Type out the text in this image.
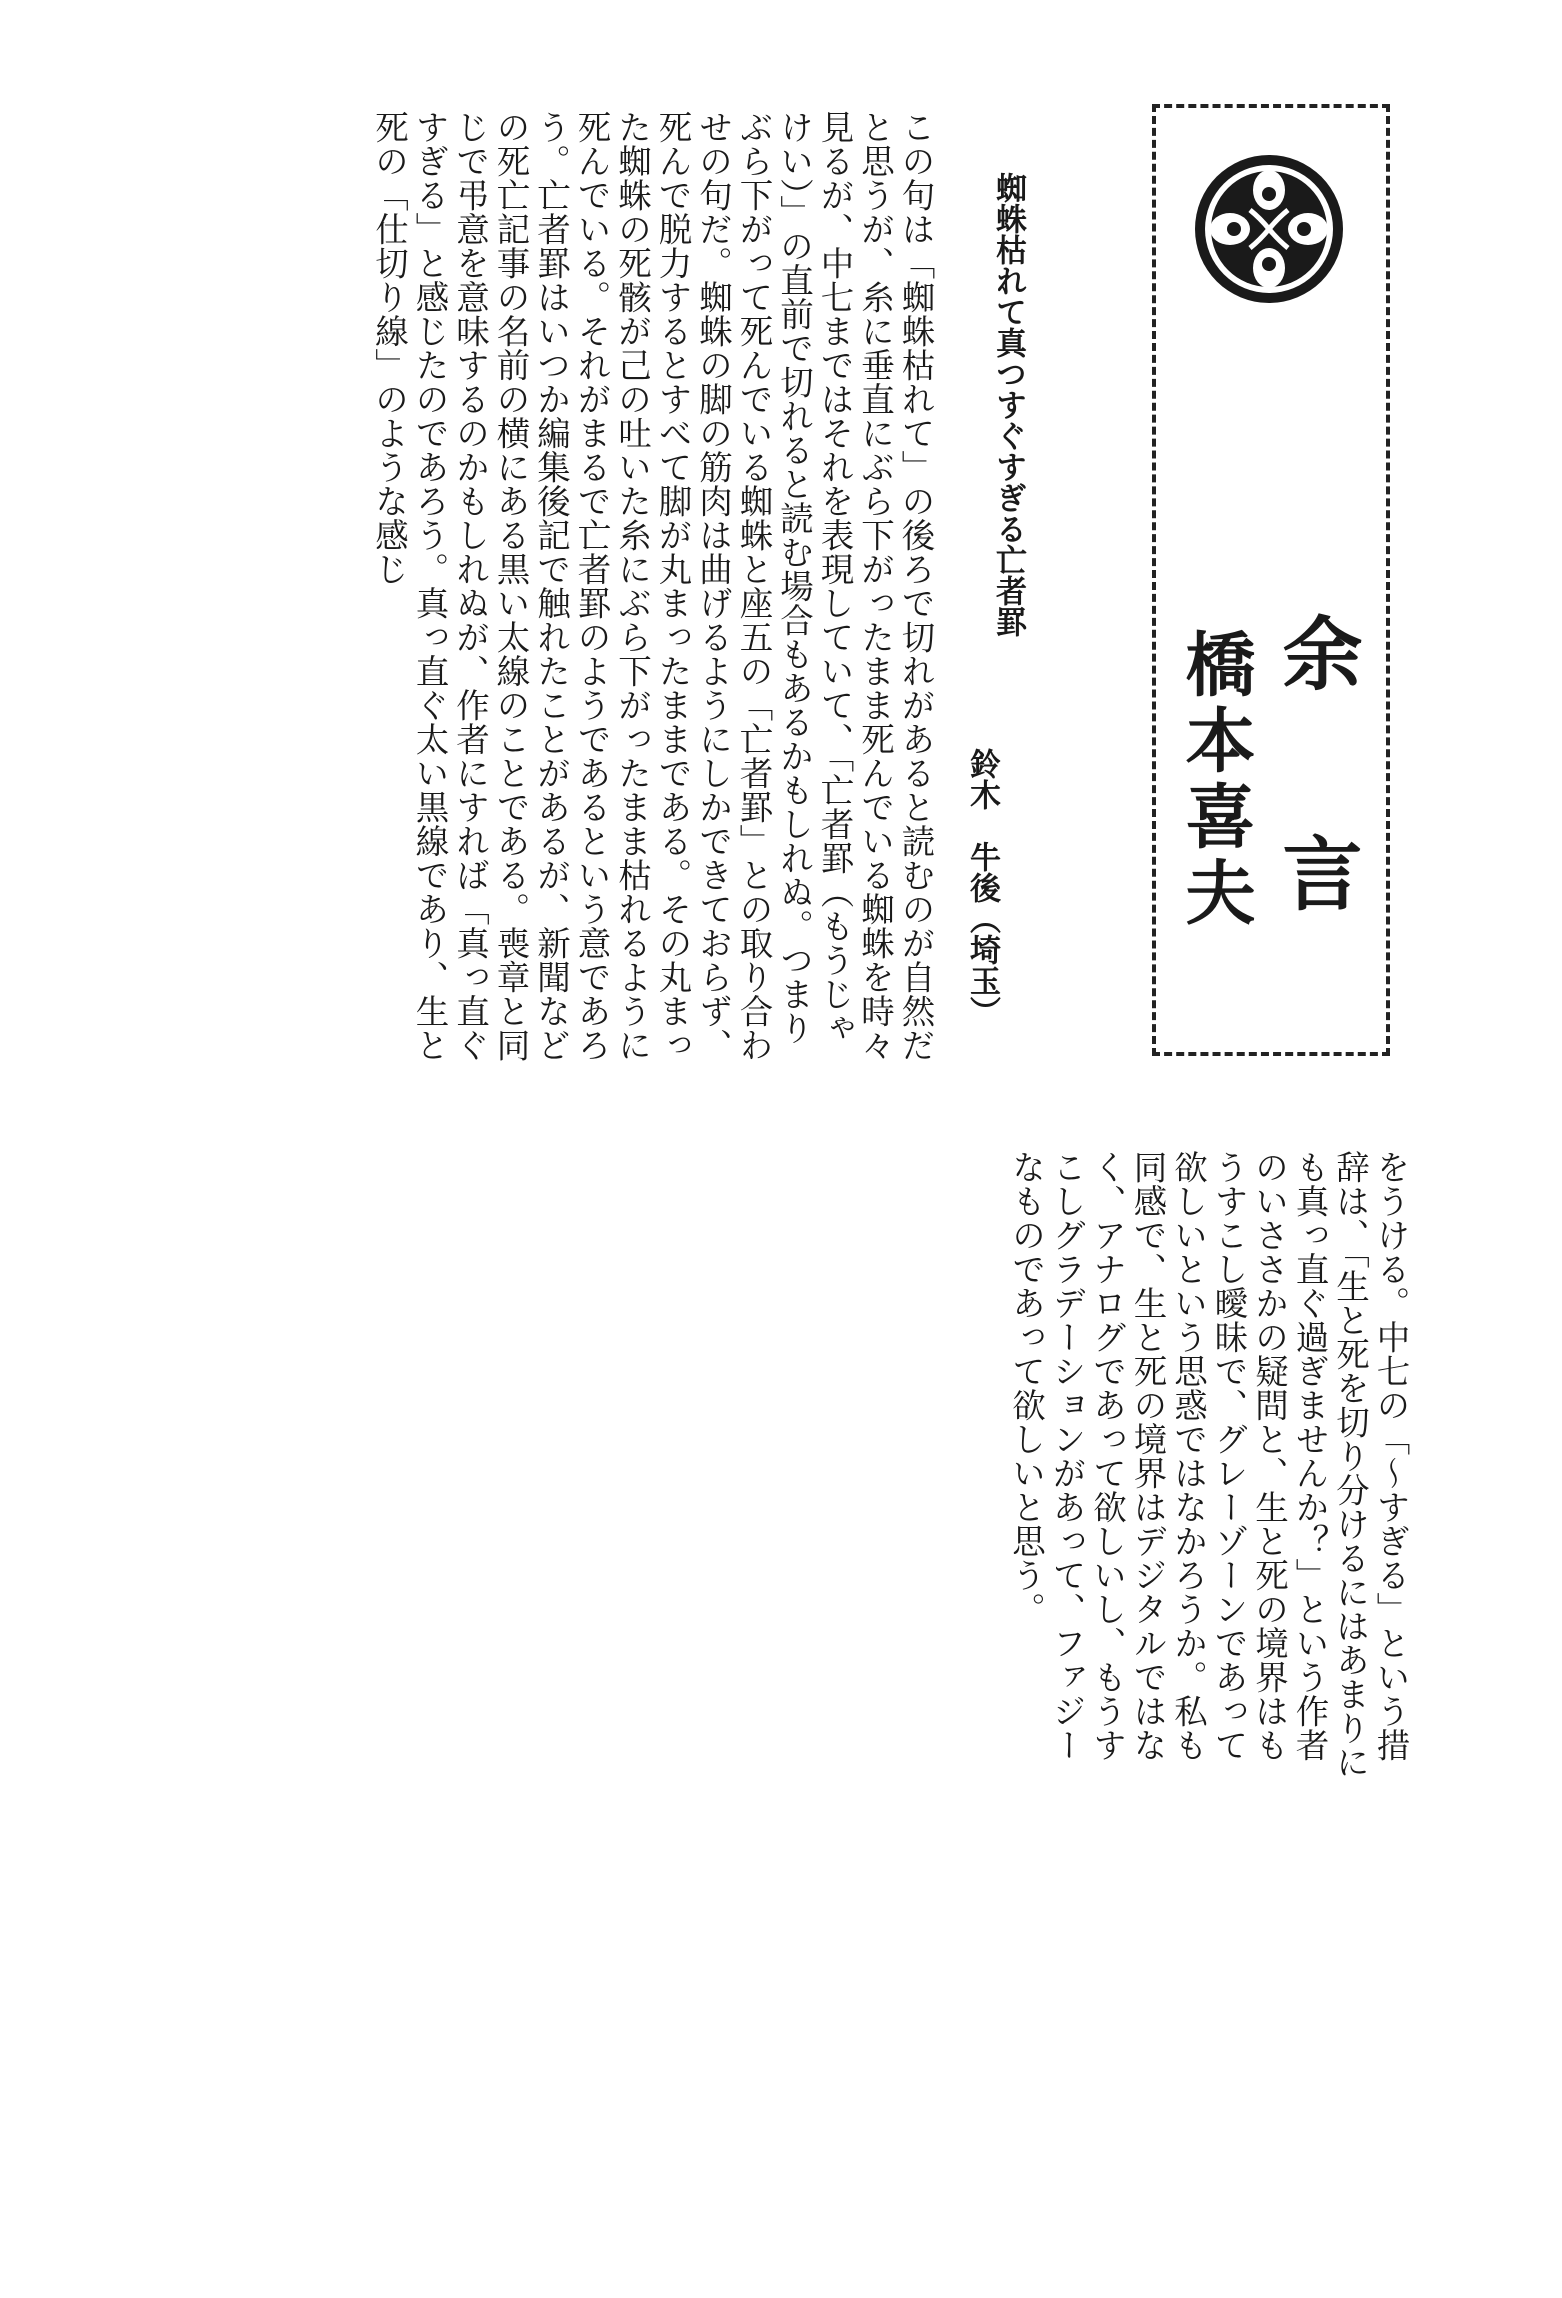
余　言
橋本喜夫
蜘蛛枯れて真つすぐすぎる亡者罫
鈴木　牛後（埼玉）

この句は「蜘蛛枯れて」の後ろで切れがあると読むのが自然だと思うが、糸に垂直にぶら下がったまま死んでいる蜘蛛を時々見るが、中七まではそれを表現していて、「亡者罫（もうじゃけい）」の直前で切れると読む場合もあるかもしれぬ。つまりぶら下がって死んでいる蜘蛛と座五の「亡者罫」との取り合わせの句だ。蜘蛛の脚の筋肉は曲げるようにしかできておらず、死んで脱力するとすべて脚が丸まったままである。その丸まった蜘蛛の死骸が己の吐いた糸にぶら下がったまま枯れるように死んでいる。それがまるで亡者罫のようであるという意であろう。亡者罫はいつか編集後記で触れたことがあるが、新聞などの死亡記事の名前の横にある黒い太線のことである。喪章と同じで弔意を意味するのかもしれぬが、作者にすれば「真っ直ぐすぎる」と感じたのであろう。真っ直ぐ太い黒線であり、生と死の「仕切り線」のような感じ

をうける。中七の「〜すぎる」という措辞は、「生と死を切り分けるにはあまりにも真っ直ぐ過ぎませんか？」という作者のいささかの疑問と、生と死の境界はもうすこし曖昧で、グレーゾーンであって欲しいという思惑ではなかろうか。私も同感で、生と死の境界はデジタルではなく、アナログであって欲しいし、もうすこしグラデーションがあって、ファジーなものであって欲しいと思う。
